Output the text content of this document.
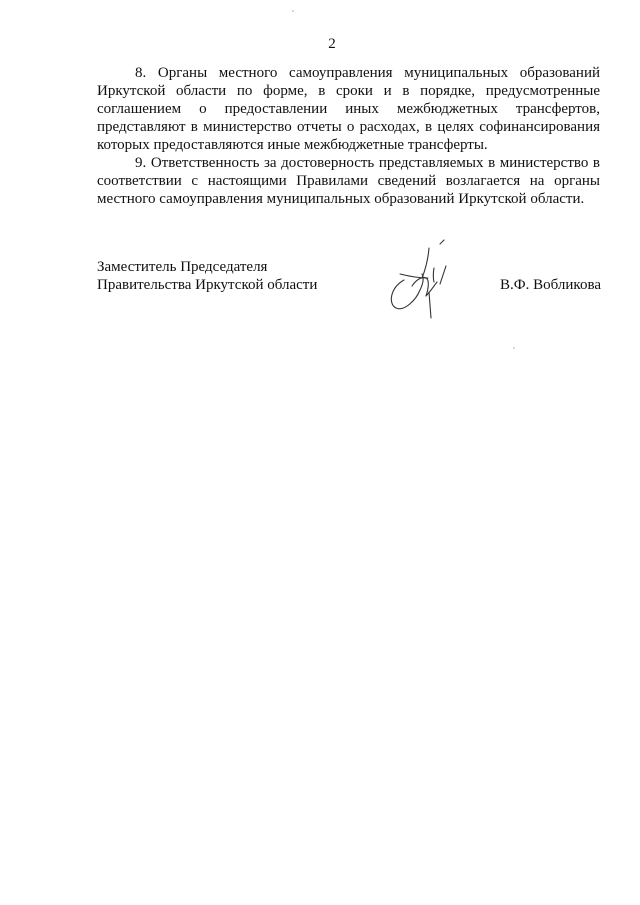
2

8. Органы местного самоуправления муниципальных образований Иркутской области по форме, в сроки и в порядке, предусмотренные соглашением о предоставлении иных межбюджетных трансфертов, представляют в министерство отчеты о расходах, в целях софинансирования которых предоставляются иные межбюджетные трансферты.

9. Ответственность за достоверность представляемых в министерство в соответствии с настоящими Правилами сведений возлагается на органы местного самоуправления муниципальных образований Иркутской области.

Заместитель Председателя
Правительства Иркутской области	В.Ф. Вобликова
